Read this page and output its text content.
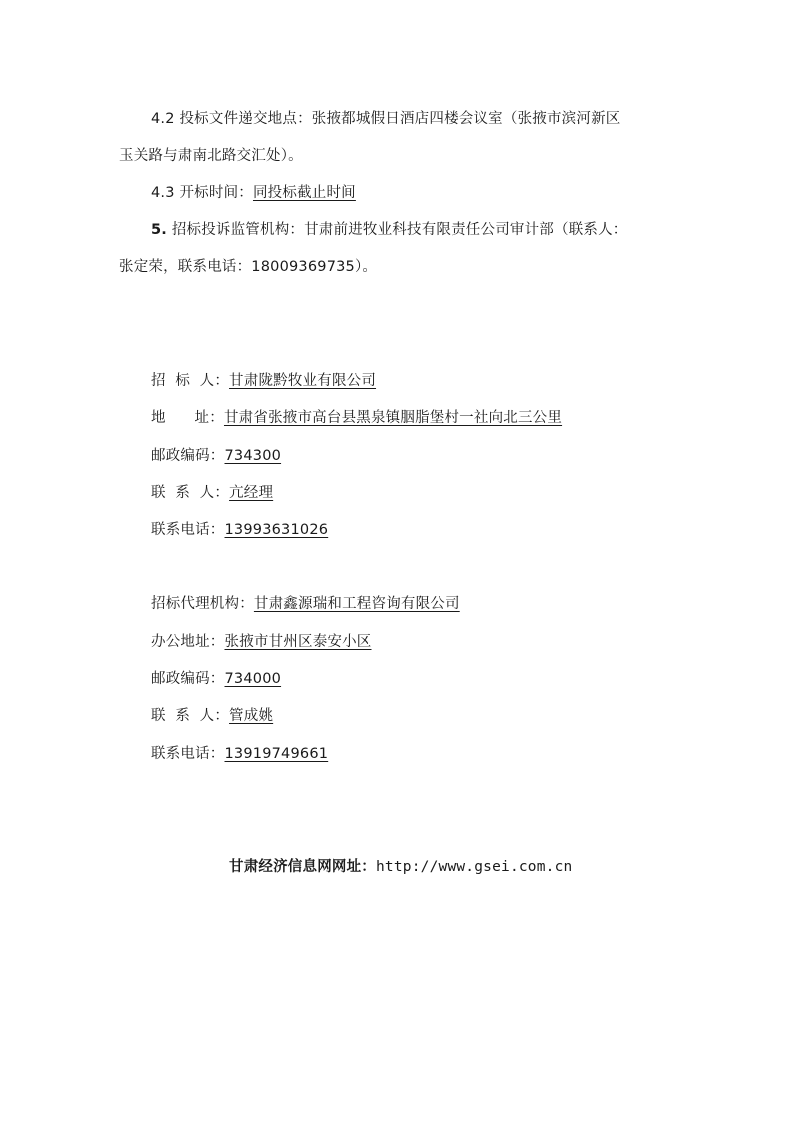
4.2 投标文件递交地点：张掖都城假日酒店四楼会议室（张掖市滨河新区
玉关路与肃南北路交汇处）。
4.3 开标时间：同投标截止时间
5. 招标投诉监管机构：甘肃前进牧业科技有限责任公司审计部（联系人：
张定荣，联系电话：18009369735）。
招  标  人：甘肃陇黔牧业有限公司
地      址：甘肃省张掖市高台县黑泉镇胭脂堡村一社向北三公里
邮政编码：734300
联  系  人：亢经理
联系电话：13993631026
招标代理机构：甘肃鑫源瑞和工程咨询有限公司
办公地址：张掖市甘州区泰安小区
邮政编码：734000
联  系  人：管成姚
联系电话：13919749661
甘肃经济信息网网址：http://www.gsei.com.cn
